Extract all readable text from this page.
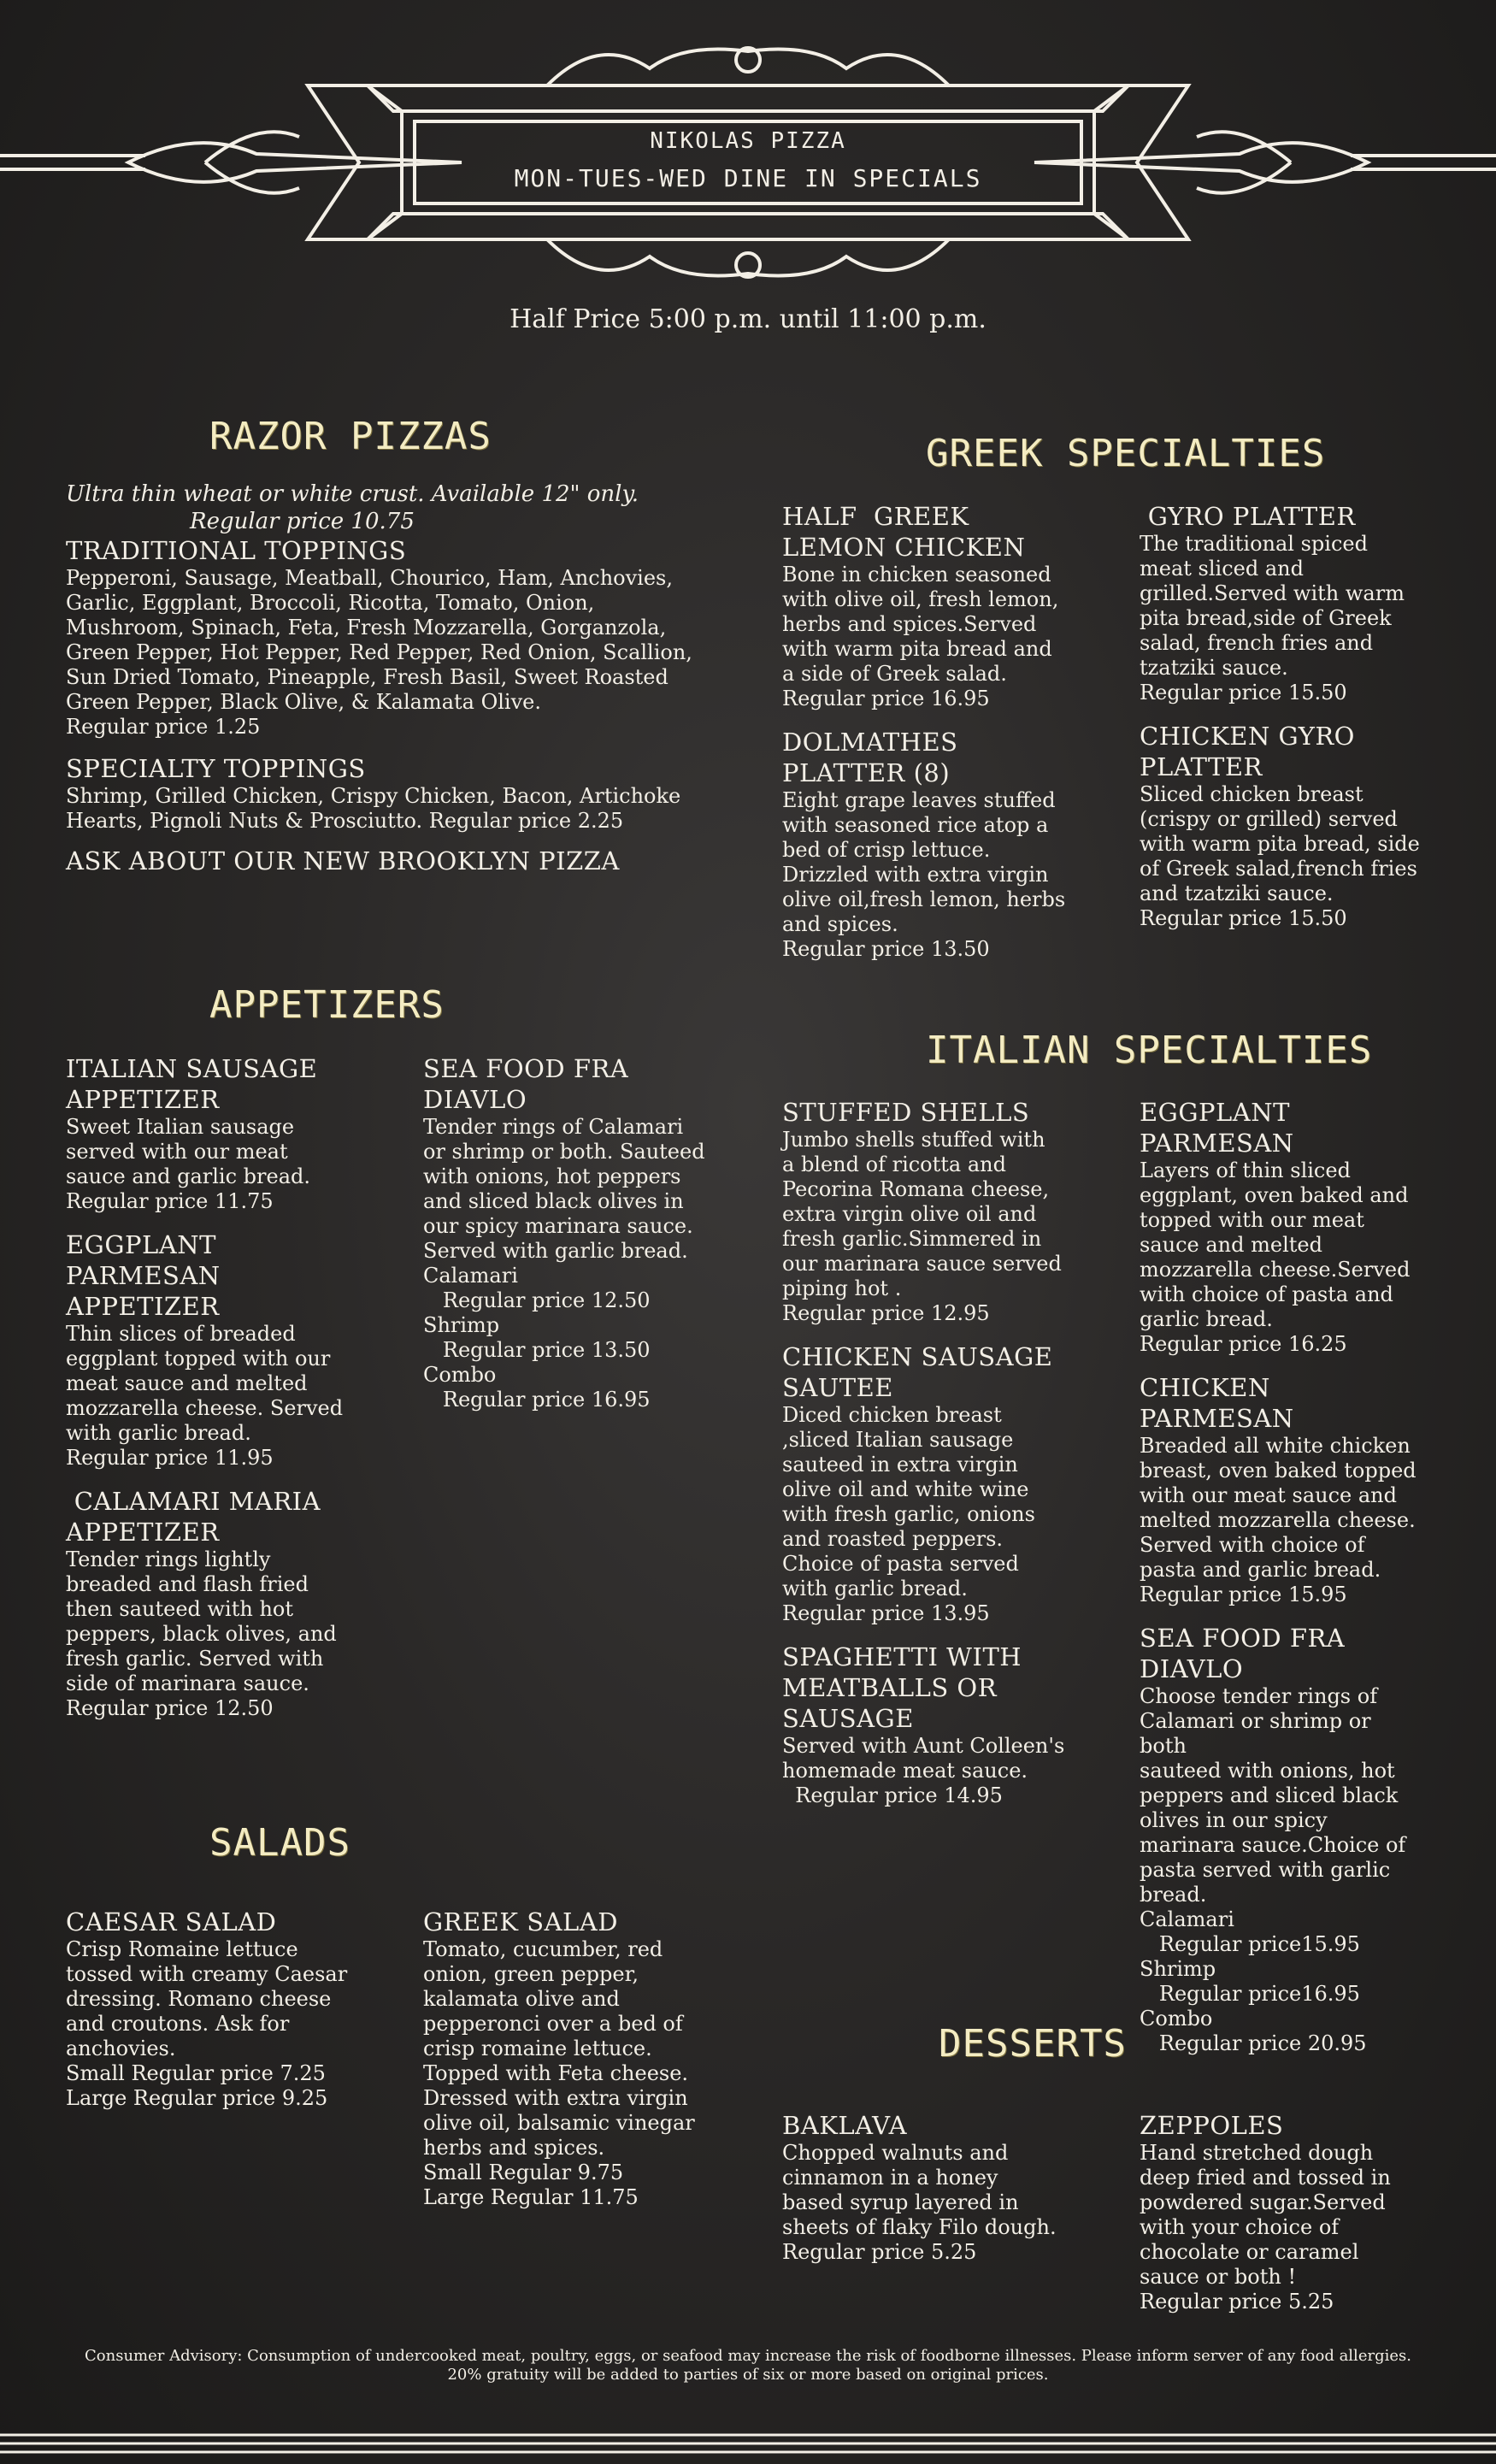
NIKOLAS PIZZA
MON-TUES-WED DINE IN SPECIALS
Half Price 5:00 p.m. until 11:00 p.m.
RAZOR PIZZAS
Ultra thin wheat or white crust. Available 12" only.
Regular price 10.75
TRADITIONAL TOPPINGS
Pepperoni, Sausage, Meatball, Chourico, Ham, Anchovies,
Garlic, Eggplant, Broccoli, Ricotta, Tomato, Onion,
Mushroom, Spinach, Feta, Fresh Mozzarella, Gorganzola,
Green Pepper, Hot Pepper, Red Pepper, Red Onion, Scallion,
Sun Dried Tomato, Pineapple, Fresh Basil, Sweet Roasted
Green Pepper, Black Olive, & Kalamata Olive.
Regular price 1.25
SPECIALTY TOPPINGS
Shrimp, Grilled Chicken, Crispy Chicken, Bacon, Artichoke
Hearts, Pignoli Nuts & Prosciutto. Regular price 2.25
ASK ABOUT OUR NEW BROOKLYN PIZZA
APPETIZERS
ITALIAN SAUSAGE
APPETIZER
Sweet Italian sausage
served with our meat
sauce and garlic bread.
Regular price 11.75
EGGPLANT
PARMESAN
APPETIZER
Thin slices of breaded
eggplant topped with our
meat sauce and melted
mozzarella cheese. Served
with garlic bread.
Regular price 11.95
CALAMARI MARIA
APPETIZER
Tender rings lightly
breaded and flash fried
then sauteed with hot
peppers, black olives, and
fresh garlic. Served with
side of marinara sauce.
Regular price 12.50
SEA FOOD FRA
DIAVLO
Tender rings of Calamari
or shrimp or both. Sauteed
with onions, hot peppers
and sliced black olives in
our spicy marinara sauce.
Served with garlic bread.
Calamari
Regular price 12.50
Shrimp
Regular price 13.50
Combo
Regular price 16.95
SALADS
CAESAR SALAD
Crisp Romaine lettuce
tossed with creamy Caesar
dressing. Romano cheese
and croutons. Ask for
anchovies.
Small Regular price 7.25
Large Regular price 9.25
GREEK SALAD
Tomato, cucumber, red
onion, green pepper,
kalamata olive and
pepperonci over a bed of
crisp romaine lettuce.
Topped with Feta cheese.
Dressed with extra virgin
olive oil, balsamic vinegar
herbs and spices.
Small Regular 9.75
Large Regular 11.75
GREEK SPECIALTIES
HALF  GREEK
LEMON CHICKEN
Bone in chicken seasoned
with olive oil, fresh lemon,
herbs and spices.Served
with warm pita bread and
a side of Greek salad.
Regular price 16.95
DOLMATHES
PLATTER (8)
Eight grape leaves stuffed
with seasoned rice atop a
bed of crisp lettuce.
Drizzled with extra virgin
olive oil,fresh lemon, herbs
and spices.
Regular price 13.50
GYRO PLATTER
The traditional spiced
meat sliced and
grilled.Served with warm
pita bread,side of Greek
salad, french fries and
tzatziki sauce.
Regular price 15.50
CHICKEN GYRO
PLATTER
Sliced chicken breast
(crispy or grilled) served
with warm pita bread, side
of Greek salad,french fries
and tzatziki sauce.
Regular price 15.50
ITALIAN SPECIALTIES
STUFFED SHELLS
Jumbo shells stuffed with
a blend of ricotta and
Pecorina Romana cheese,
extra virgin olive oil and
fresh garlic.Simmered in
our marinara sauce served
piping hot .
Regular price 12.95
CHICKEN SAUSAGE
SAUTEE
Diced chicken breast
,sliced Italian sausage
sauteed in extra virgin
olive oil and white wine
with fresh garlic, onions
and roasted peppers.
Choice of pasta served
with garlic bread.
Regular price 13.95
SPAGHETTI WITH
MEATBALLS OR
SAUSAGE
Served with Aunt Colleen's
homemade meat sauce.
Regular price 14.95
EGGPLANT
PARMESAN
Layers of thin sliced
eggplant, oven baked and
topped with our meat
sauce and melted
mozzarella cheese.Served
with choice of pasta and
garlic bread.
Regular price 16.25
CHICKEN
PARMESAN
Breaded all white chicken
breast, oven baked topped
with our meat sauce and
melted mozzarella cheese.
Served with choice of
pasta and garlic bread.
Regular price 15.95
SEA FOOD FRA
DIAVLO
Choose tender rings of
Calamari or shrimp or
both
sauteed with onions, hot
peppers and sliced black
olives in our spicy
marinara sauce.Choice of
pasta served with garlic
bread.
Calamari
Regular price15.95
Shrimp
Regular price16.95
Combo
Regular price 20.95
DESSERTS
BAKLAVA
Chopped walnuts and
cinnamon in a honey
based syrup layered in
sheets of flaky Filo dough.
Regular price 5.25
ZEPPOLES
Hand stretched dough
deep fried and tossed in
powdered sugar.Served
with your choice of
chocolate or caramel
sauce or both !
Regular price 5.25
Consumer Advisory: Consumption of undercooked meat, poultry, eggs, or seafood may increase the risk of foodborne illnesses. Please inform server of any food allergies.
20% gratuity will be added to parties of six or more based on original prices.
